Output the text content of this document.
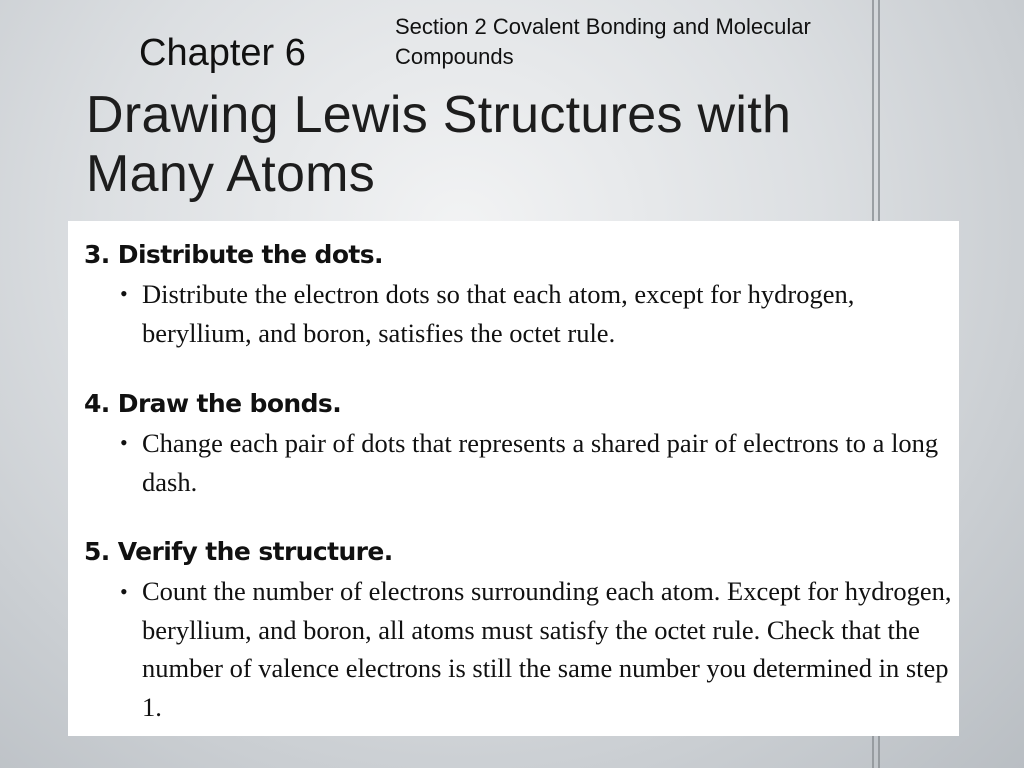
Chapter 6
Section 2 Covalent Bonding and Molecular Compounds
Drawing Lewis Structures with Many Atoms
3. Distribute the dots.
• Distribute the electron dots so that each atom, except for hydrogen, beryllium, and boron, satisfies the octet rule.
4. Draw the bonds.
• Change each pair of dots that represents a shared pair of electrons to a long dash.
5. Verify the structure.
• Count the number of electrons surrounding each atom. Except for hydrogen, beryllium, and boron, all atoms must satisfy the octet rule. Check that the number of valence electrons is still the same number you determined in step 1.
